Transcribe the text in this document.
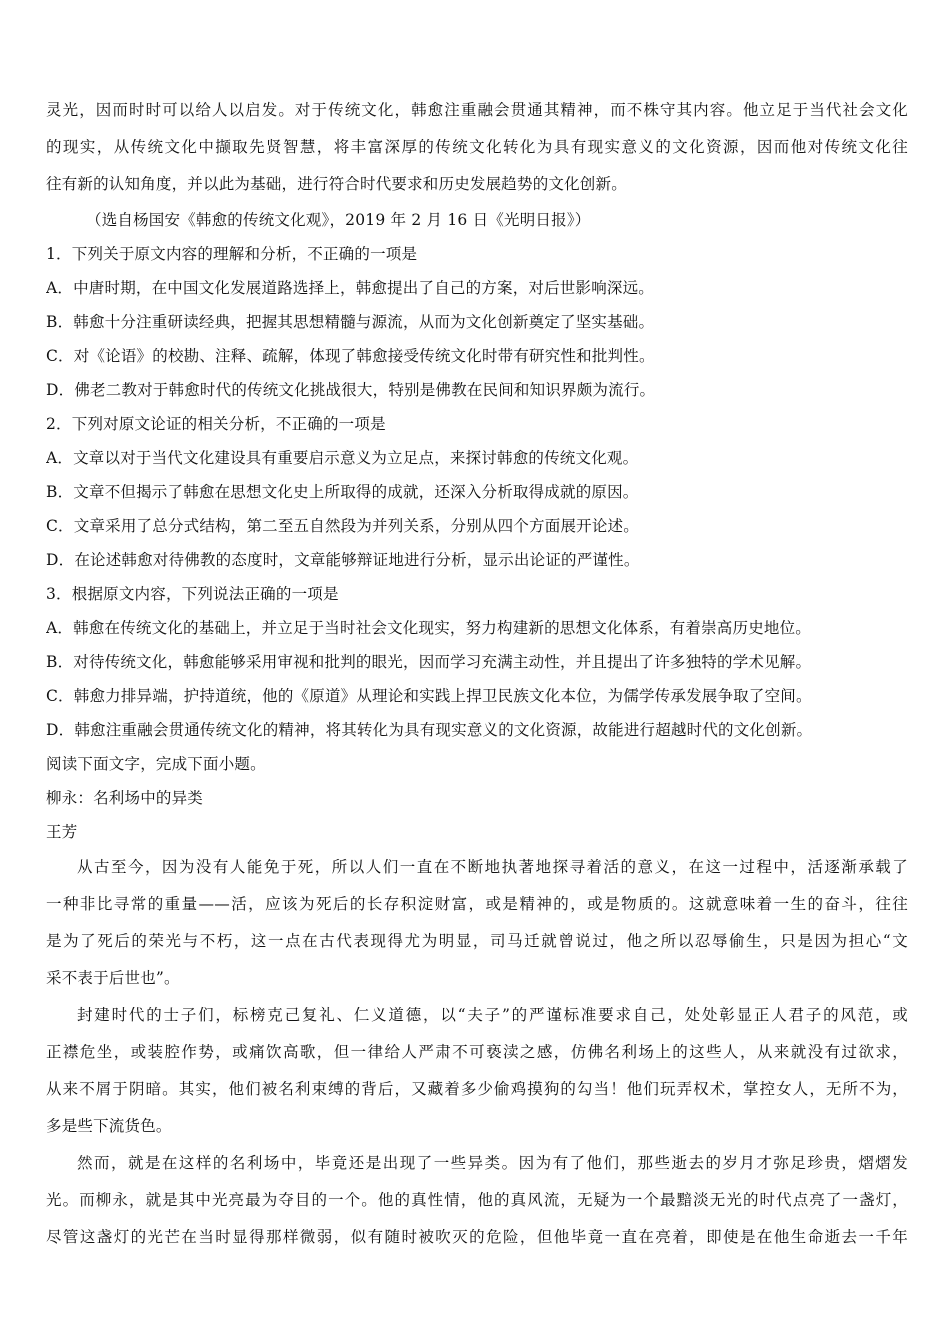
灵光，因而时时可以给人以启发。对于传统文化，韩愈注重融会贯通其精神，而不株守其内容。他立足于当代社会文化
的现实，从传统文化中撷取先贤智慧，将丰富深厚的传统文化转化为具有现实意义的文化资源，因而他对传统文化往
往有新的认知角度，并以此为基础，进行符合时代要求和历史发展趋势的文化创新。
（选自杨国安《韩愈的传统文化观》，2019 年 2 月 16 日《光明日报》）
1．下列关于原文内容的理解和分析，不正确的一项是
A．中唐时期，在中国文化发展道路选择上，韩愈提出了自己的方案，对后世影响深远。
B．韩愈十分注重研读经典，把握其思想精髓与源流，从而为文化创新奠定了坚实基础。
C．对《论语》的校勘、注释、疏解，体现了韩愈接受传统文化时带有研究性和批判性。
D．佛老二教对于韩愈时代的传统文化挑战很大，特别是佛教在民间和知识界颇为流行。
2．下列对原文论证的相关分析，不正确的一项是
A．文章以对于当代文化建设具有重要启示意义为立足点，来探讨韩愈的传统文化观。
B．文章不但揭示了韩愈在思想文化史上所取得的成就，还深入分析取得成就的原因。
C．文章采用了总分式结构，第二至五自然段为并列关系，分别从四个方面展开论述。
D．在论述韩愈对待佛教的态度时，文章能够辩证地进行分析，显示出论证的严谨性。
3．根据原文内容，下列说法正确的一项是
A．韩愈在传统文化的基础上，并立足于当时社会文化现实，努力构建新的思想文化体系，有着崇高历史地位。
B．对待传统文化，韩愈能够采用审视和批判的眼光，因而学习充满主动性，并且提出了许多独特的学术见解。
C．韩愈力排异端，护持道统，他的《原道》从理论和实践上捍卫民族文化本位，为儒学传承发展争取了空间。
D．韩愈注重融会贯通传统文化的精神，将其转化为具有现实意义的文化资源，故能进行超越时代的文化创新。
阅读下面文字，完成下面小题。
柳永：名利场中的异类
王芳
从古至今，因为没有人能免于死，所以人们一直在不断地执著地探寻着活的意义，在这一过程中，活逐渐承载了
一种非比寻常的重量——活，应该为死后的长存积淀财富，或是精神的，或是物质的。这就意味着一生的奋斗，往往
是为了死后的荣光与不朽，这一点在古代表现得尤为明显，司马迁就曾说过，他之所以忍辱偷生，只是因为担心“文
采不表于后世也”。
封建时代的士子们，标榜克己复礼、仁义道德，以“夫子”的严谨标准要求自己，处处彰显正人君子的风范，或
正襟危坐，或装腔作势，或痛饮高歌，但一律给人严肃不可亵渎之感，仿佛名利场上的这些人，从来就没有过欲求，
从来不屑于阴暗。其实，他们被名利束缚的背后，又藏着多少偷鸡摸狗的勾当！他们玩弄权术，掌控女人，无所不为，
多是些下流货色。
然而，就是在这样的名利场中，毕竟还是出现了一些异类。因为有了他们，那些逝去的岁月才弥足珍贵，熠熠发
光。而柳永，就是其中光亮最为夺目的一个。他的真性情，他的真风流，无疑为一个最黯淡无光的时代点亮了一盏灯，
尽管这盏灯的光芒在当时显得那样微弱，似有随时被吹灭的危险，但他毕竟一直在亮着，即使是在他生命逝去一千年
